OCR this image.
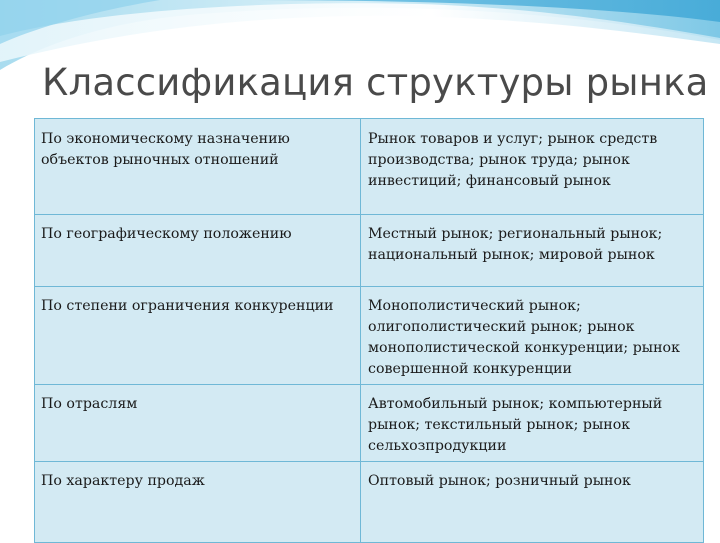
Классификация структуры рынка
По экономическому назначению объектов рыночных отношений	Рынок товаров и услуг; рынок средств производства; рынок труда; рынок инвестиций; финансовый рынок
По географическому положению	Местный рынок; региональный рынок; национальный рынок; мировой рынок
По степени ограничения конкуренции	Монополистический рынок; олигополистический рынок; рынок монополистической конкуренции; рынок совершенной конкуренции
По отраслям	Автомобильный рынок; компьютерный рынок; текстильный рынок; рынок сельхозпродукции
По характеру продаж	Оптовый рынок; розничный рынок
